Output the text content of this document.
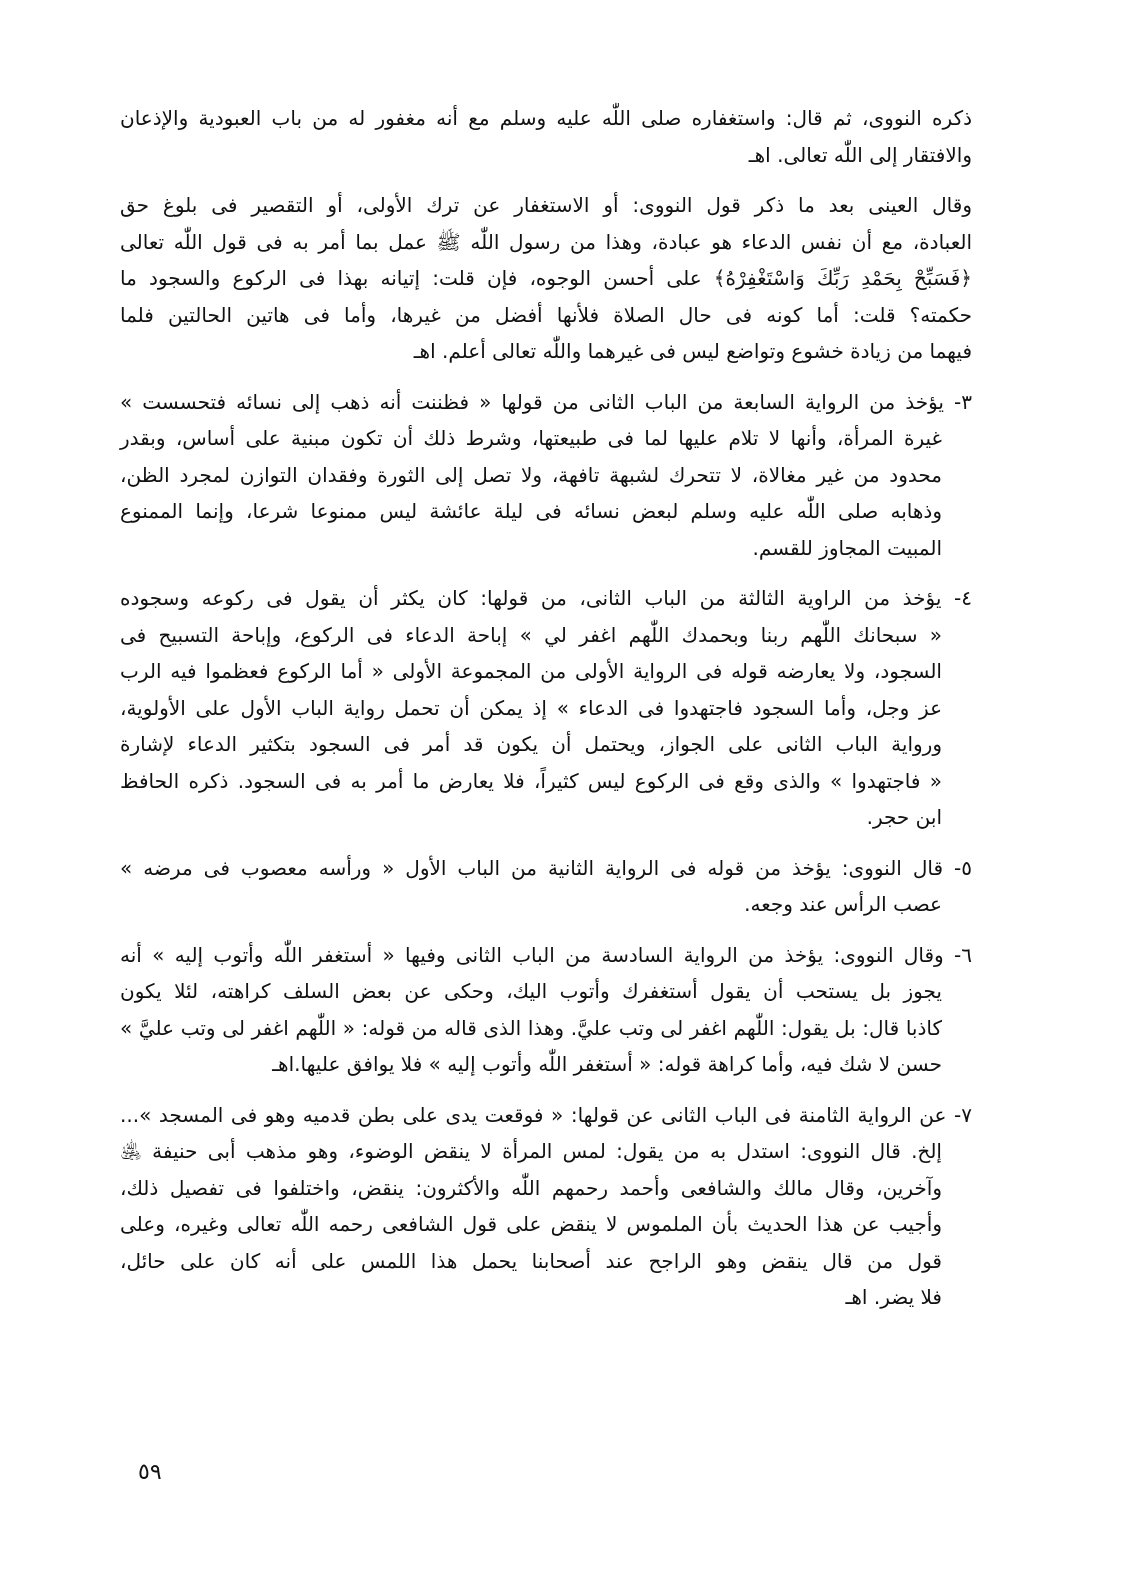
ذكره النووى، ثم قال: واستغفاره صلى اللّٰه عليه وسلم مع أنه مغفور له من باب العبودية والإذعان
والافتقار إلى اللّٰه تعالى. اهـ
وقال العينى بعد ما ذكر قول النووى: أو الاستغفار عن ترك الأولى، أو التقصير فى بلوغ حق
العبادة، مع أن نفس الدعاء هو عبادة، وهذا من رسول اللّٰه ﷺ عمل بما أمر به فى قول اللّٰه تعالى
﴿فَسَبِّحْ بِحَمْدِ رَبِّكَ وَاسْتَغْفِرْهُ﴾ على أحسن الوجوه، فإن قلت: إتيانه بهذا فى الركوع والسجود ما
حكمته؟ قلت: أما كونه فى حال الصلاة فلأنها أفضل من غيرها، وأما فى هاتين الحالتين فلما
فيهما من زيادة خشوع وتواضع ليس فى غيرهما واللّٰه تعالى أعلم. اهـ
٣- يؤخذ من الرواية السابعة من الباب الثانى من قولها « فظننت أنه ذهب إلى نسائه فتحسست »
غيرة المرأة، وأنها لا تلام عليها لما فى طبيعتها، وشرط ذلك أن تكون مبنية على أساس، وبقدر
محدود من غير مغالاة، لا تتحرك لشبهة تافهة، ولا تصل إلى الثورة وفقدان التوازن لمجرد الظن،
وذهابه صلى اللّٰه عليه وسلم لبعض نسائه فى ليلة عائشة ليس ممنوعا شرعا، وإنما الممنوع
المبيت المجاوز للقسم.
٤- يؤخذ من الراوية الثالثة من الباب الثانى، من قولها: كان يكثر أن يقول فى ركوعه وسجوده
« سبحانك اللّٰهم ربنا وبحمدك اللّٰهم اغفر لي » إباحة الدعاء فى الركوع، وإباحة التسبيح فى
السجود، ولا يعارضه قوله فى الرواية الأولى من المجموعة الأولى « أما الركوع فعظموا فيه الرب
عز وجل، وأما السجود فاجتهدوا فى الدعاء » إذ يمكن أن تحمل رواية الباب الأول على الأولوية،
ورواية الباب الثانى على الجواز، ويحتمل أن يكون قد أمر فى السجود بتكثير الدعاء لإشارة
« فاجتهدوا » والذى وقع فى الركوع ليس كثيراً، فلا يعارض ما أمر به فى السجود. ذكره الحافظ
ابن حجر.
٥- قال النووى: يؤخذ من قوله فى الرواية الثانية من الباب الأول « ورأسه معصوب فى مرضه »
عصب الرأس عند وجعه.
٦- وقال النووى: يؤخذ من الرواية السادسة من الباب الثانى وفيها « أستغفر اللّٰه وأتوب إليه » أنه
يجوز بل يستحب أن يقول أستغفرك وأتوب اليك، وحكى عن بعض السلف كراهته، لئلا يكون
كاذبا قال: بل يقول: اللّٰهم اغفر لى وتب عليَّ. وهذا الذى قاله من قوله: « اللّٰهم اغفر لى وتب عليَّ »
حسن لا شك فيه، وأما كراهة قوله: « أستغفر اللّٰه وأتوب إليه » فلا يوافق عليها.اهـ
٧- عن الرواية الثامنة فى الباب الثانى عن قولها: « فوقعت يدى على بطن قدميه وهو فى المسجد »...
إلخ. قال النووى: استدل به من يقول: لمس المرأة لا ينقض الوضوء، وهو مذهب أبى حنيفة ﵁
وآخرين، وقال مالك والشافعى وأحمد رحمهم اللّٰه والأكثرون: ينقض، واختلفوا فى تفصيل ذلك،
وأجيب عن هذا الحديث بأن الملموس لا ينقض على قول الشافعى رحمه اللّٰه تعالى وغيره، وعلى
قول من قال ينقض وهو الراجح عند أصحابنا يحمل هذا اللمس على أنه كان على حائل،
فلا يضر. اهـ
٥٩
